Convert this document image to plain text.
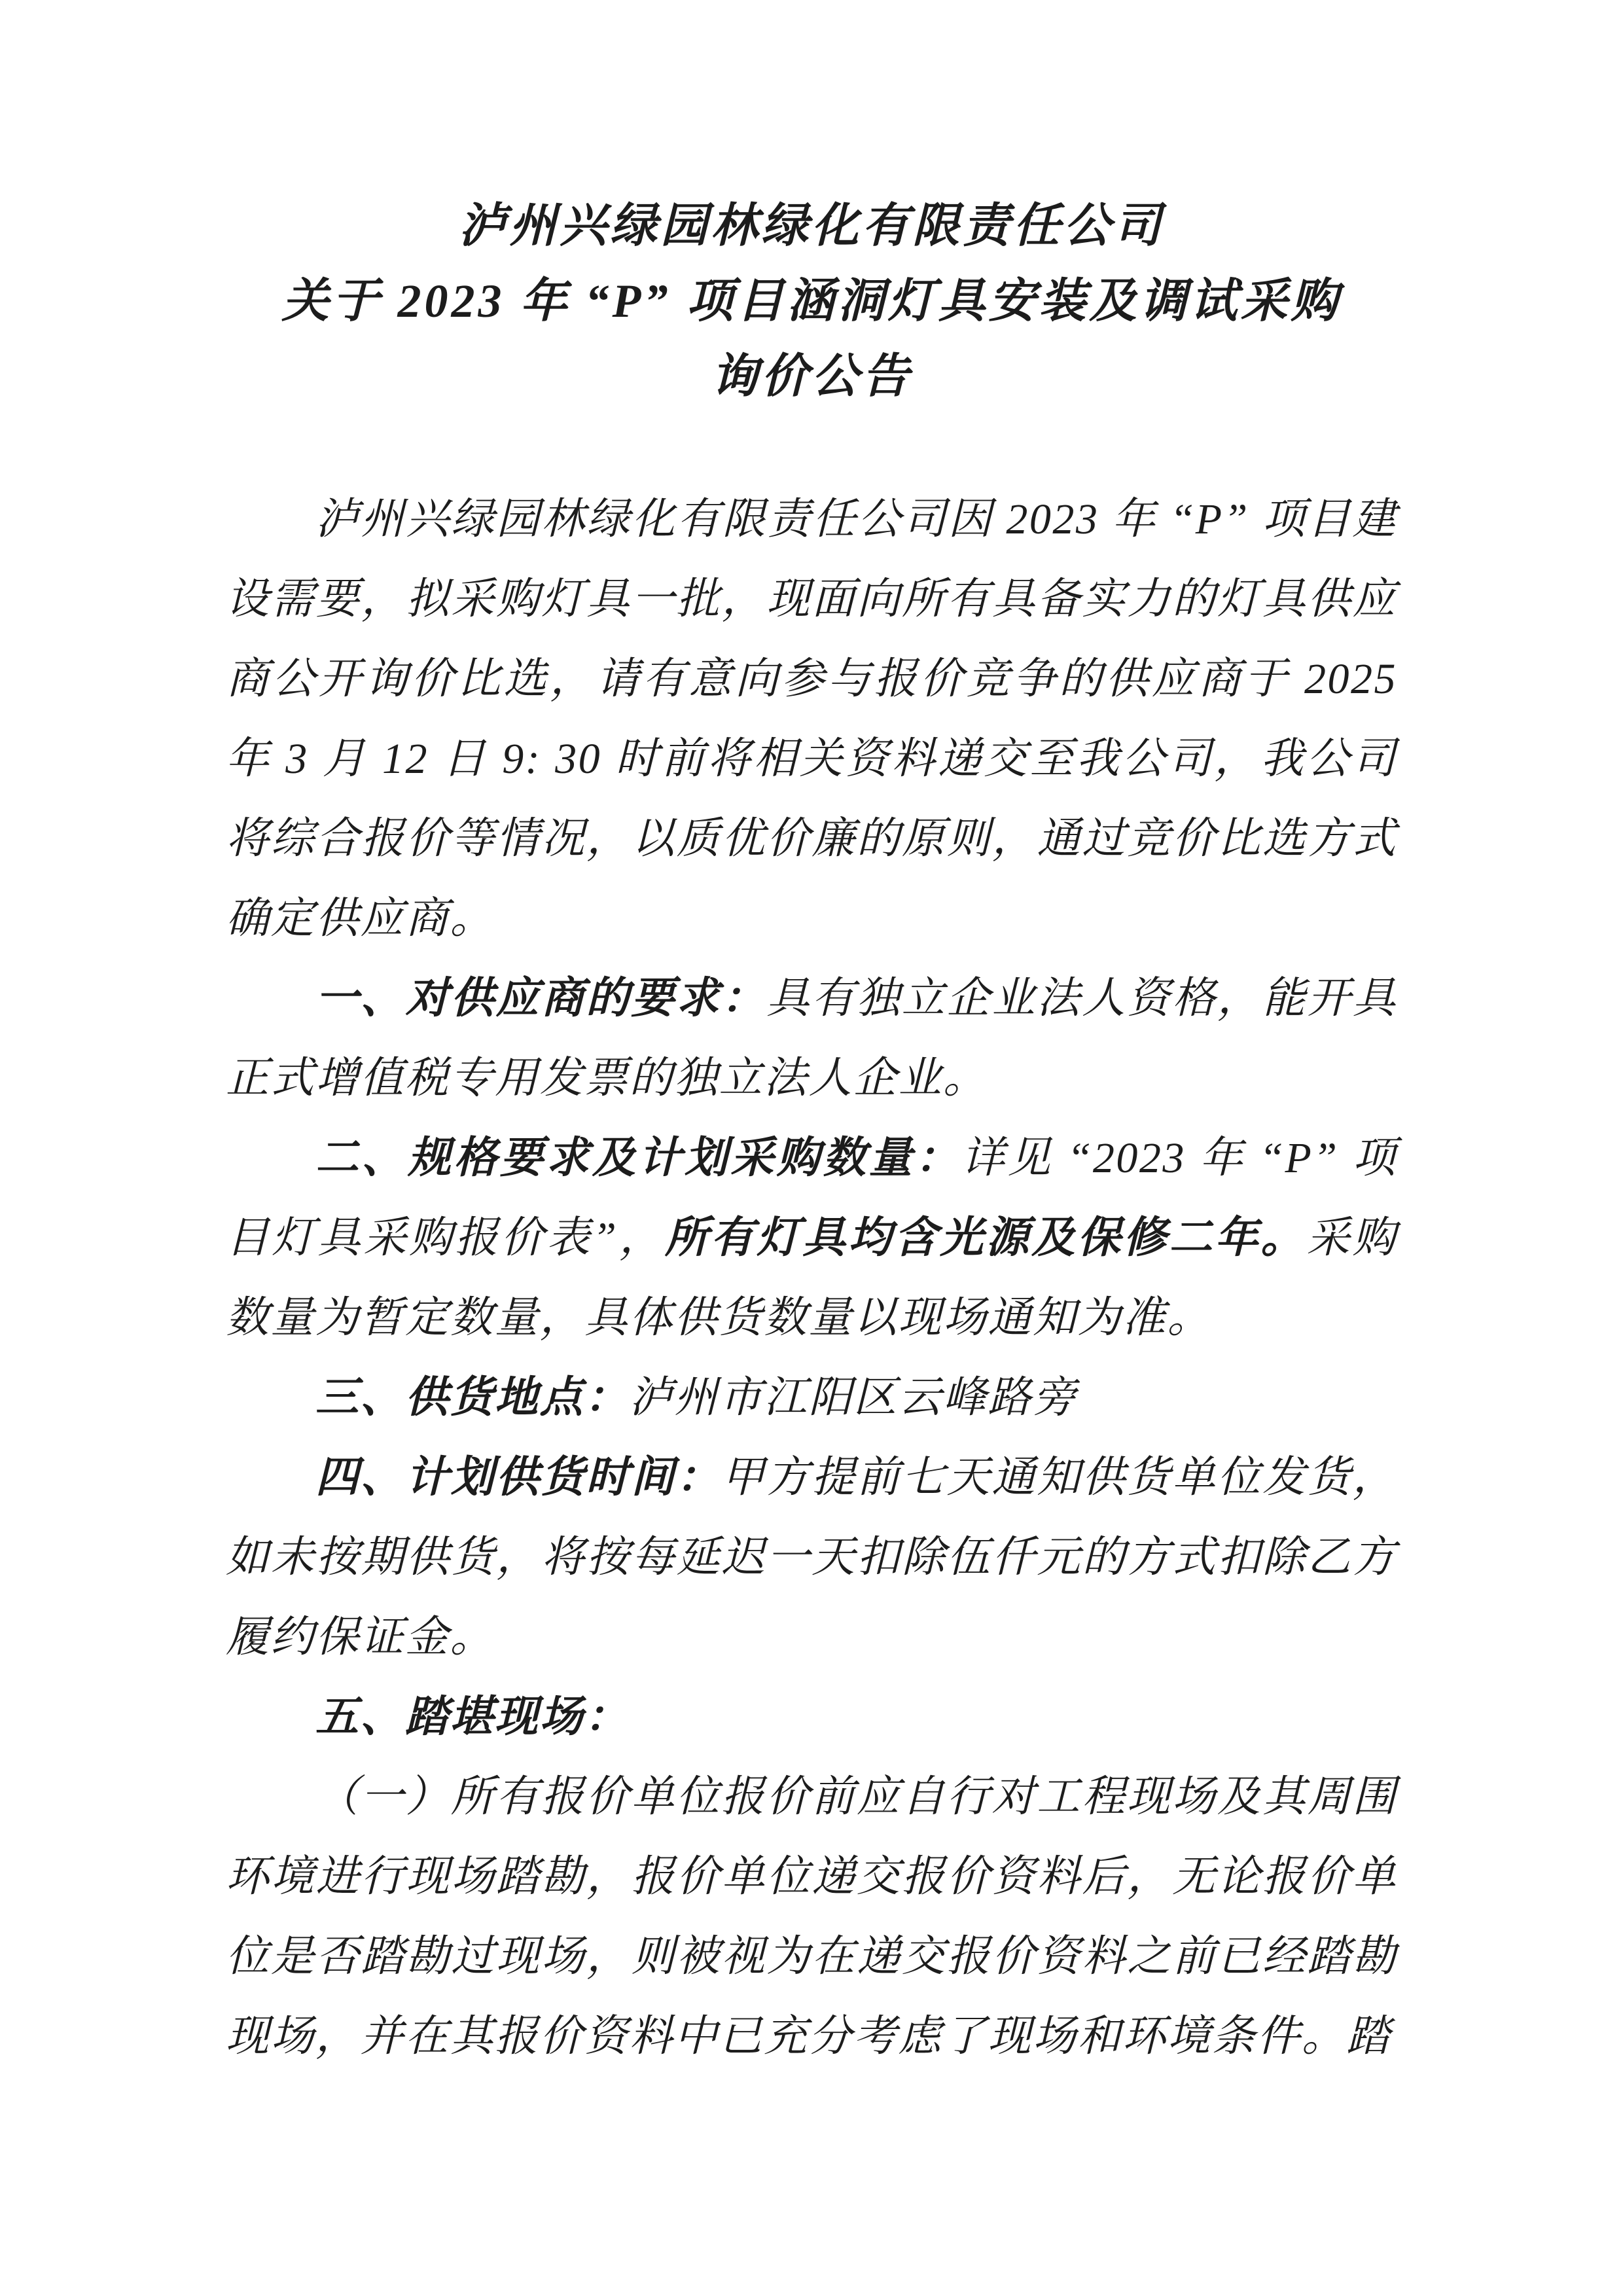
泸州兴绿园林绿化有限责任公司
关于 2023 年 “P” 项目涵洞灯具安装及调试采购
询价公告

泸州兴绿园林绿化有限责任公司因 2023 年 “P” 项目建设需要，拟采购灯具一批，现面向所有具备实力的灯具供应商公开询价比选，请有意向参与报价竞争的供应商于 2025 年 3 月 12 日 9: 30 时前将相关资料递交至我公司，我公司将综合报价等情况，以质优价廉的原则，通过竞价比选方式确定供应商。

一、对供应商的要求：具有独立企业法人资格，能开具正式增值税专用发票的独立法人企业。

二、规格要求及计划采购数量：详见 “2023 年 “P” 项目灯具采购报价表”，所有灯具均含光源及保修二年。采购数量为暂定数量，具体供货数量以现场通知为准。

三、供货地点：泸州市江阳区云峰路旁

四、计划供货时间：甲方提前七天通知供货单位发货，如未按期供货，将按每延迟一天扣除伍仟元的方式扣除乙方履约保证金。

五、踏堪现场：

（一）所有报价单位报价前应自行对工程现场及其周围环境进行现场踏勘，报价单位递交报价资料后，无论报价单位是否踏勘过现场，则被视为在递交报价资料之前已经踏勘现场，并在其报价资料中已充分考虑了现场和环境条件。踏
